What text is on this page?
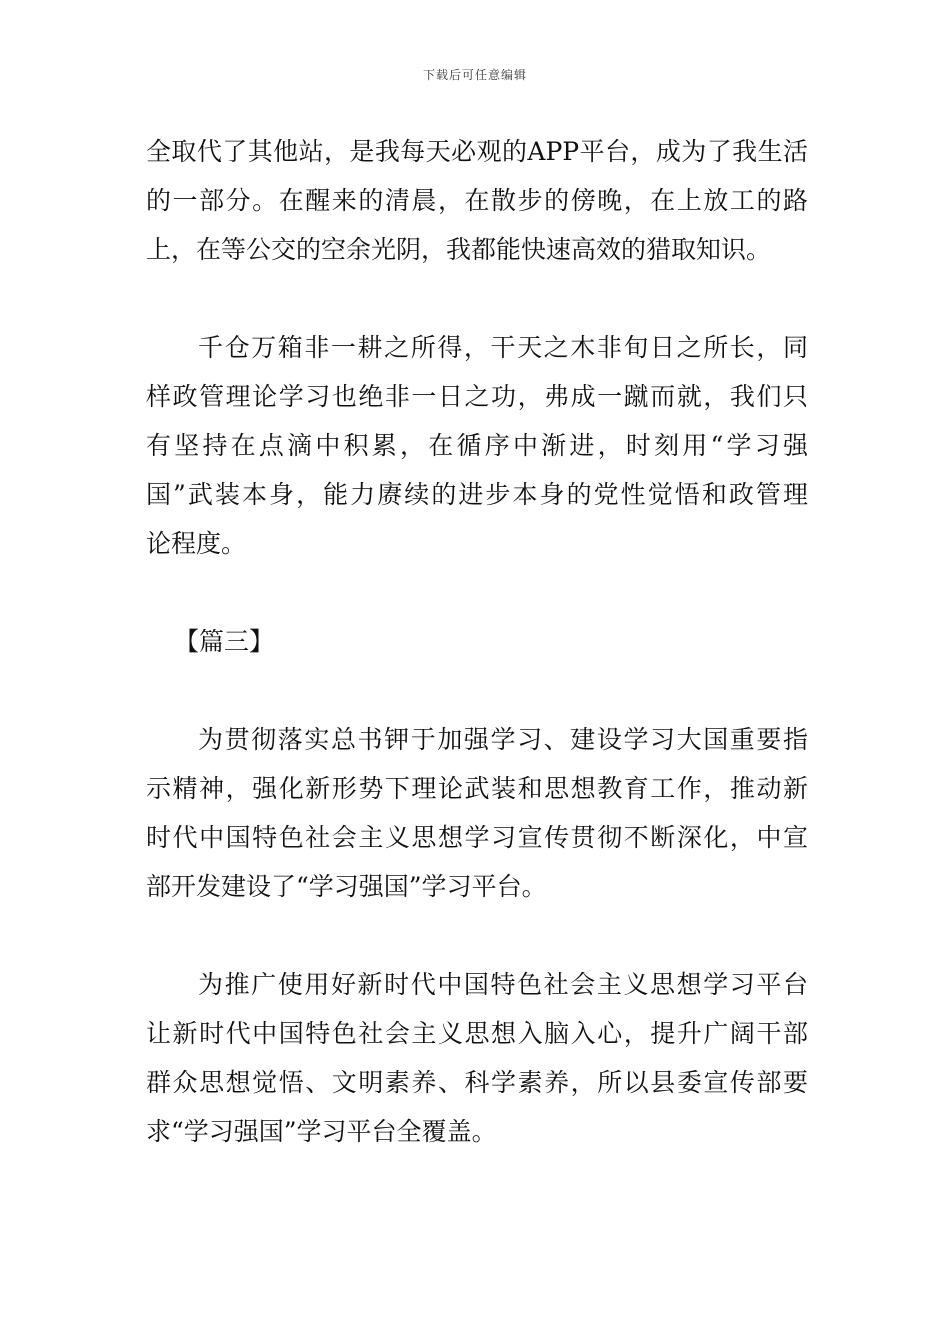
下载后可任意编辑
全取代了其他站，是我每天必观的APP平台，成为了我生活
的一部分。在醒来的清晨，在散步的傍晚，在上放工的路
上，在等公交的空余光阴，我都能快速高效的猎取知识。
千仓万箱非一耕之所得，干天之木非旬日之所长，同
样政管理论学习也绝非一日之功，弗成一蹴而就，我们只
有坚持在点滴中积累，在循序中渐进，时刻用“学习强
国”武装本身，能力赓续的进步本身的党性觉悟和政管理
论程度。
【篇三】
为贯彻落实总书钾于加强学习、建设学习大国重要指
示精神，强化新形势下理论武装和思想教育工作，推动新
时代中国特色社会主义思想学习宣传贯彻不断深化，中宣
部开发建设了“学习强国”学习平台。
为推广使用好新时代中国特色社会主义思想学习平台
让新时代中国特色社会主义思想入脑入心，提升广阔干部
群众思想觉悟、文明素养、科学素养，所以县委宣传部要
求“学习强国”学习平台全覆盖。
